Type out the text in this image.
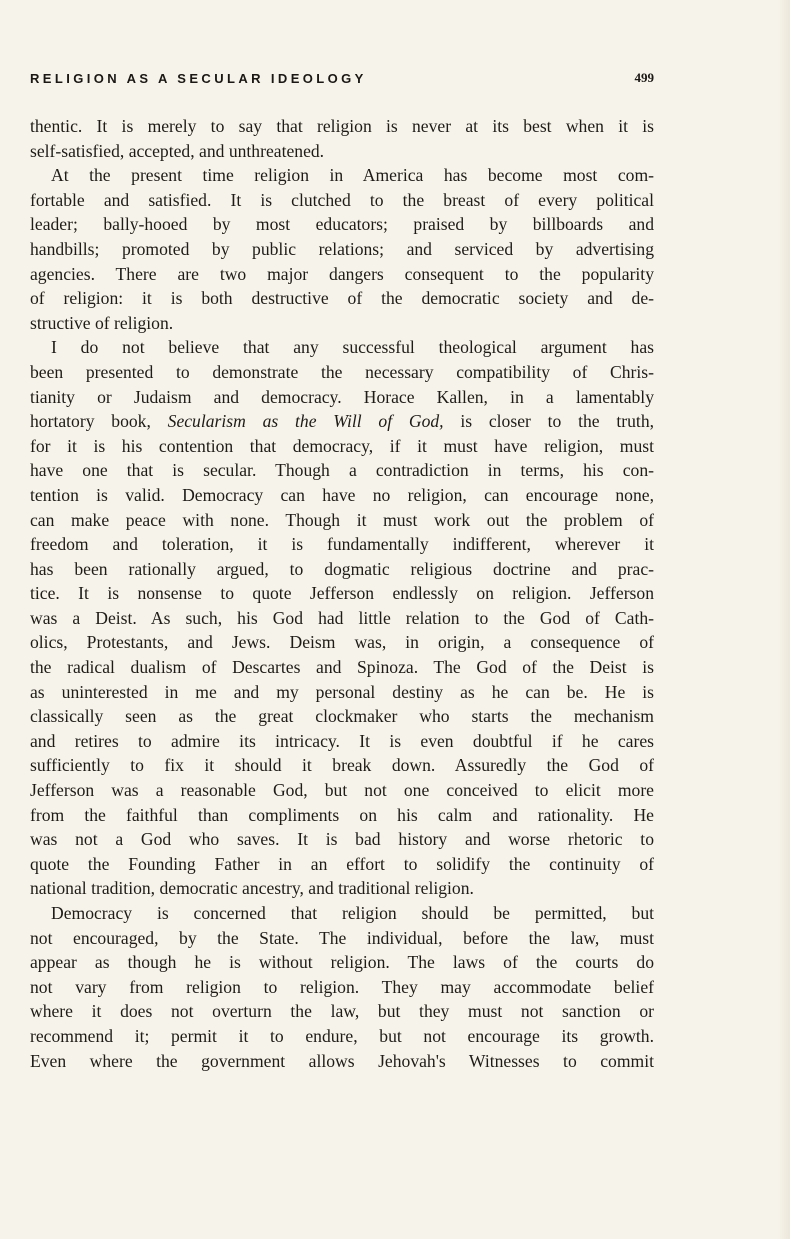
RELIGION AS A SECULAR IDEOLOGY	499
thentic. It is merely to say that religion is never at its best when it is
self-satisfied, accepted, and unthreatened.
At the present time religion in America has become most com-
fortable and satisfied. It is clutched to the breast of every political
leader; bally-hooed by most educators; praised by billboards and
handbills; promoted by public relations; and serviced by advertising
agencies. There are two major dangers consequent to the popularity
of religion: it is both destructive of the democratic society and de-
structive of religion.
I do not believe that any successful theological argument has
been presented to demonstrate the necessary compatibility of Chris-
tianity or Judaism and democracy. Horace Kallen, in a lamentably
hortatory book, Secularism as the Will of God, is closer to the truth,
for it is his contention that democracy, if it must have religion, must
have one that is secular. Though a contradiction in terms, his con-
tention is valid. Democracy can have no religion, can encourage none,
can make peace with none. Though it must work out the problem of
freedom and toleration, it is fundamentally indifferent, wherever it
has been rationally argued, to dogmatic religious doctrine and prac-
tice. It is nonsense to quote Jefferson endlessly on religion. Jefferson
was a Deist. As such, his God had little relation to the God of Cath-
olics, Protestants, and Jews. Deism was, in origin, a consequence of
the radical dualism of Descartes and Spinoza. The God of the Deist is
as uninterested in me and my personal destiny as he can be. He is
classically seen as the great clockmaker who starts the mechanism
and retires to admire its intricacy. It is even doubtful if he cares
sufficiently to fix it should it break down. Assuredly the God of
Jefferson was a reasonable God, but not one conceived to elicit more
from the faithful than compliments on his calm and rationality. He
was not a God who saves. It is bad history and worse rhetoric to
quote the Founding Father in an effort to solidify the continuity of
national tradition, democratic ancestry, and traditional religion.
Democracy is concerned that religion should be permitted, but
not encouraged, by the State. The individual, before the law, must
appear as though he is without religion. The laws of the courts do
not vary from religion to religion. They may accommodate belief
where it does not overturn the law, but they must not sanction or
recommend it; permit it to endure, but not encourage its growth.
Even where the government allows Jehovah's Witnesses to commit
